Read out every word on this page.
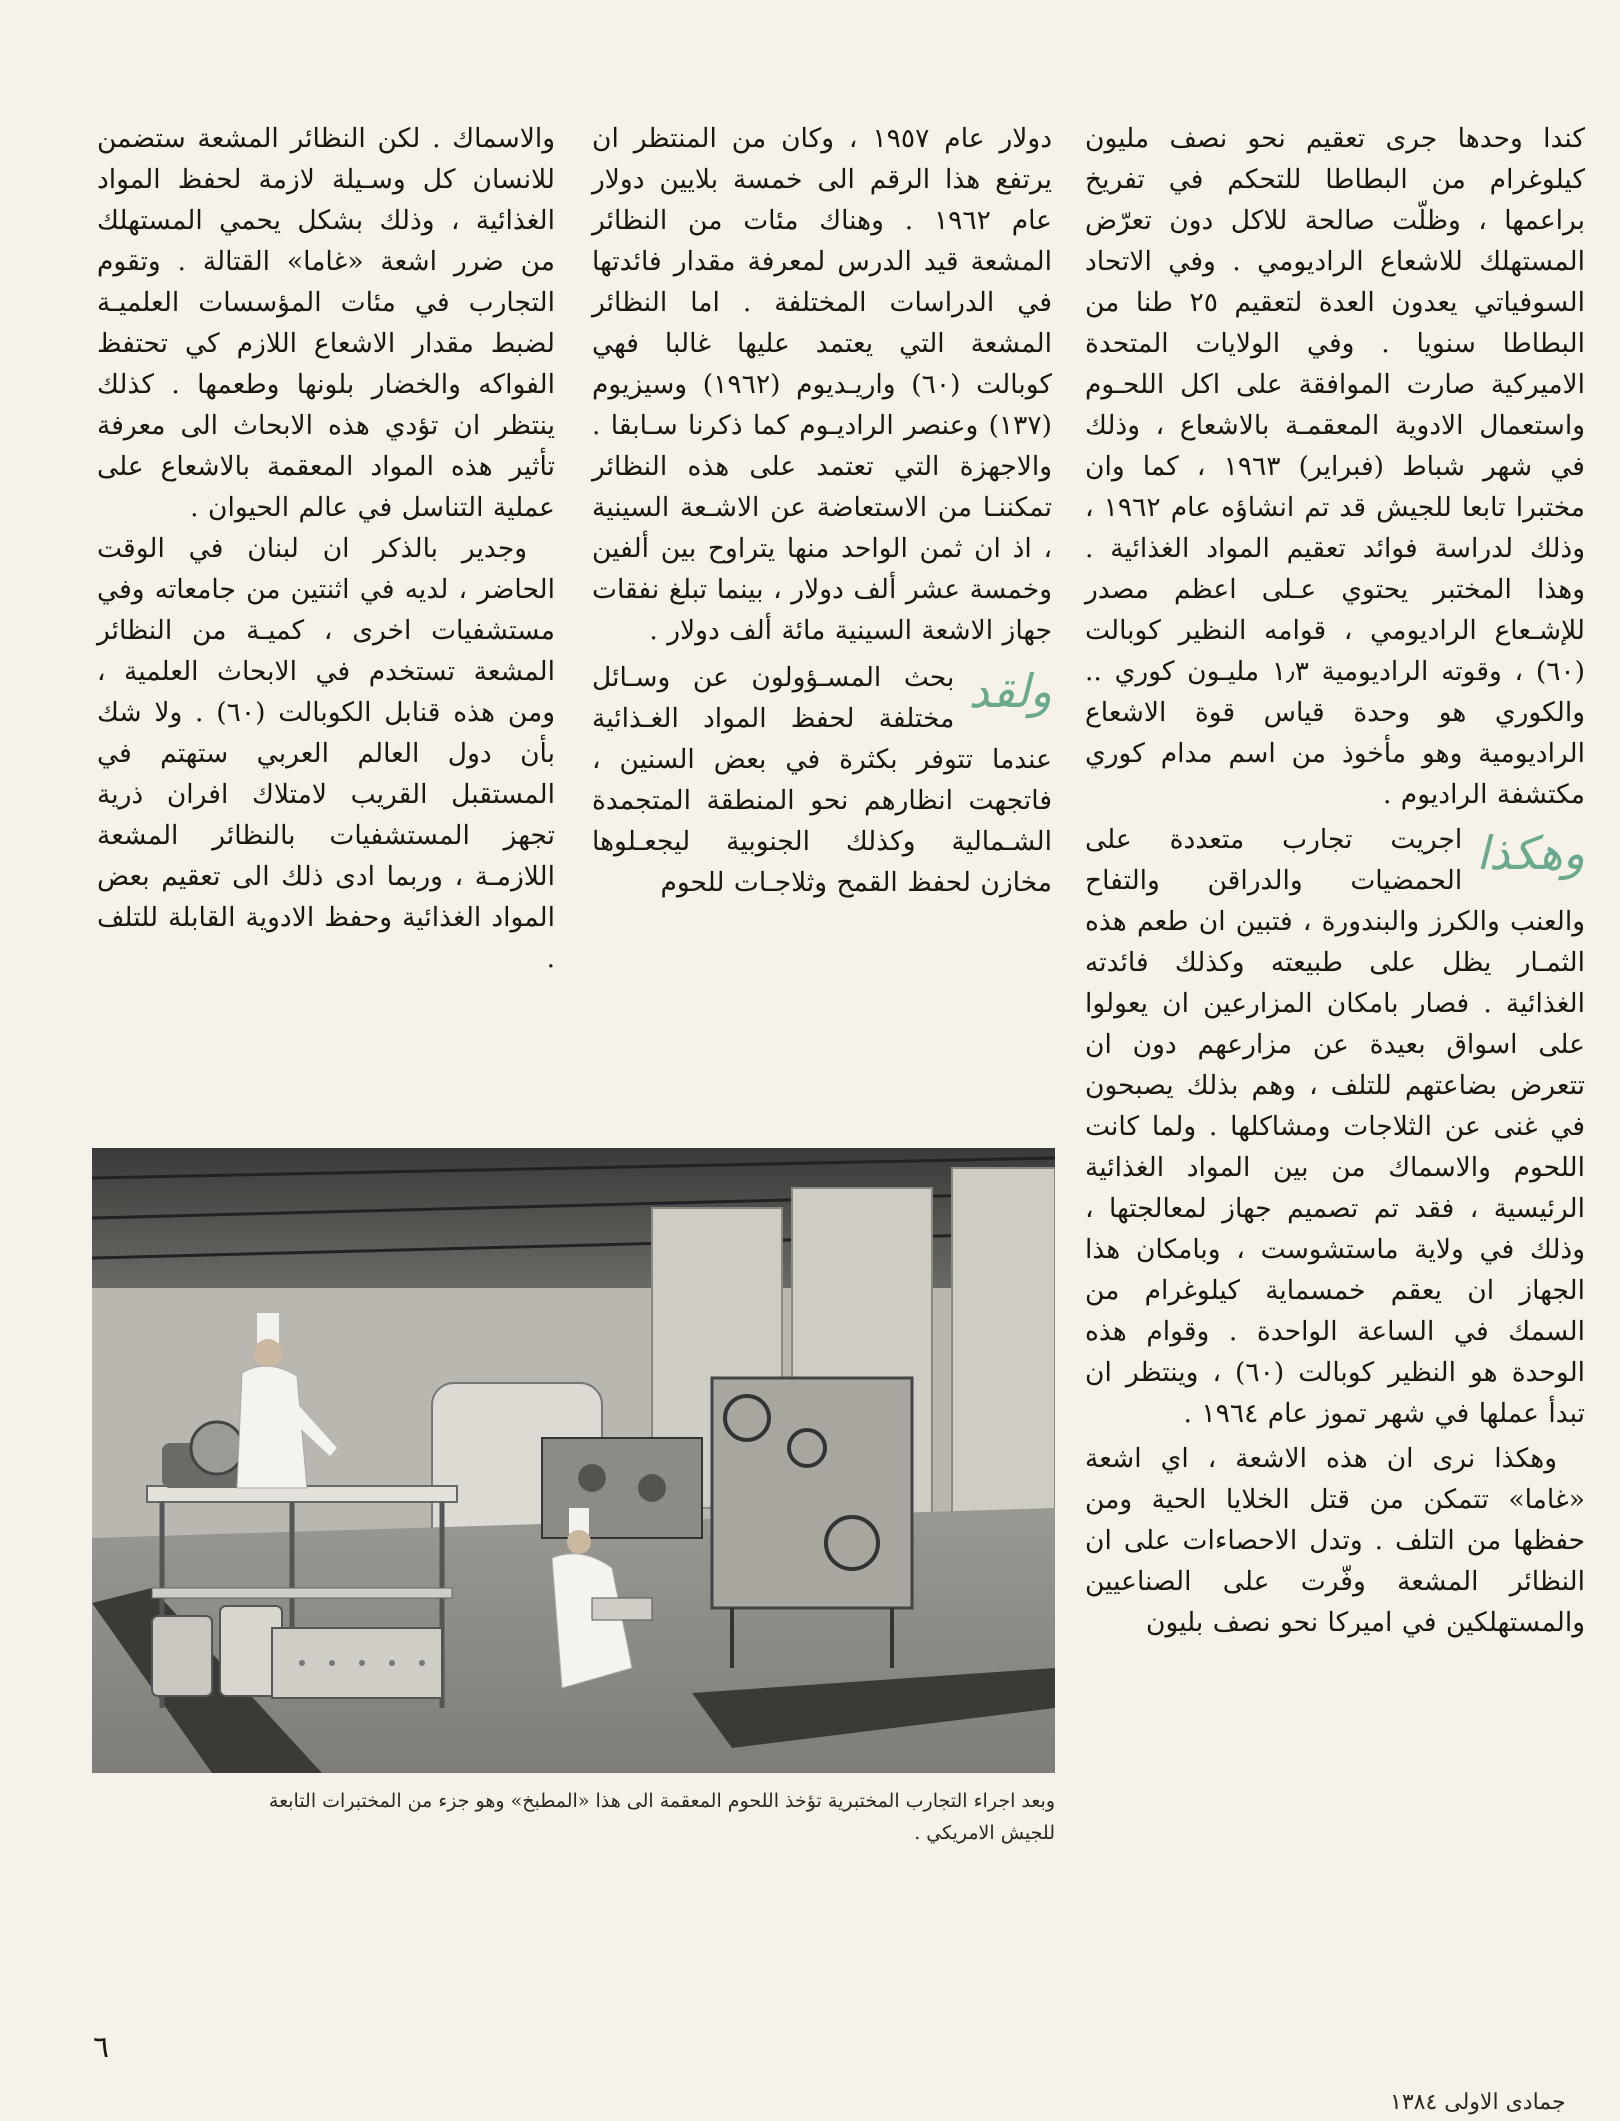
كندا وحدها جرى تعقيم نحو نصف مليون كيلوغرام من البطاطا للتحكم في تفريخ براعمها ، وظلّت صالحة للاكل دون تعرّض المستهلك للاشعاع الراديومي . وفي الاتحاد السوفياتي يعدون العدة لتعقيم ٢٥ طنا من البطاطا سنويا . وفي الولايات المتحدة الاميركية صارت الموافقة على اكل اللحـوم واستعمال الادوية المعقمـة بالاشعاع ، وذلك في شهر شباط (فبراير) ١٩٦٣ ، كما وان مختبرا تابعا للجيش قد تم انشاؤه عام ١٩٦٢ ، وذلك لدراسة فوائد تعقيم المواد الغذائية . وهذا المختبر يحتوي عـلى اعظم مصدر للإشـعاع الراديومي ، قوامه النظير كوبالت (٦٠) ، وقوته الراديومية ١٫٣ مليـون كوري .. والكوري هو وحدة قياس قوة الاشعاع الراديومية وهو مأخوذ من اسم مدام كوري مكتشفة الراديوم .

وهكذا
اجريت تجارب متعددة على الحمضيات والدراقن والتفاح والعنب والكرز والبندورة ، فتبين ان طعم هذه الثمـار يظل على طبيعته وكذلك فائدته الغذائية . فصار بامكان المزارعين ان يعولوا على اسواق بعيدة عن مزارعهم دون ان تتعرض بضاعتهم للتلف ، وهم بذلك يصبحون في غنى عن الثلاجات ومشاكلها . ولما كانت اللحوم والاسماك من بين المواد الغذائية الرئيسية ، فقد تم تصميم جهاز لمعالجتها ، وذلك في ولاية ماستشوست ، وبامكان هذا الجهاز ان يعقم خمسماية كيلوغرام من السمك في الساعة الواحدة . وقوام هذه الوحدة هو النظير كوبالت (٦٠) ، وينتظر ان تبدأ عملها في شهر تموز عام ١٩٦٤ .

وهكذا نرى ان هذه الاشعة ، اي اشعة «غاما» تتمكن من قتل الخلايا الحية ومن حفظها من التلف . وتدل الاحصاءات على ان النظائر المشعة وفّرت على الصناعيين والمستهلكين في اميركا نحو نصف بليون

دولار عام ١٩٥٧ ، وكان من المنتظر ان يرتفع هذا الرقم الى خمسة بلايين دولار عام ١٩٦٢ . وهناك مئات من النظائر المشعة قيد الدرس لمعرفة مقدار فائدتها في الدراسات المختلفة . اما النظائر المشعة التي يعتمد عليها غالبا فهي كوبالت (٦٠) واريـديوم (١٩٦٢) وسيزيوم (١٣٧) وعنصر الراديـوم كما ذكرنا سـابقا . والاجهزة التي تعتمد على هذه النظائر تمكننـا من الاستعاضة عن الاشـعة السينية ، اذ ان ثمن الواحد منها يتراوح بين ألفين وخمسة عشر ألف دولار ، بينما تبلغ نفقات جهاز الاشعة السينية مائة ألف دولار .

ولقد
بحث المسـؤولون عن وسـائل مختلفة لحفظ المواد الغـذائية عندما تتوفر بكثرة في بعض السنين ، فاتجهت انظارهم نحو المنطقة المتجمدة الشـمالية وكذلك الجنوبية ليجعـلوها مخازن لحفظ القمح وثلاجـات للحوم

والاسماك . لكن النظائر المشعة ستضمن للانسان كل وسـيلة لازمة لحفظ المواد الغذائية ، وذلك بشكل يحمي المستهلك من ضرر اشعة «غاما» القتالة . وتقوم التجارب في مئات المؤسسات العلميـة لضبط مقدار الاشعاع اللازم كي تحتفظ الفواكه والخضار بلونها وطعمها . كذلك ينتظر ان تؤدي هذه الابحاث الى معرفة تأثير هذه المواد المعقمة بالاشعاع على عملية التناسل في عالم الحيوان .

وجدير بالذكر ان لبنان في الوقت الحاضر ، لديه في اثنتين من جامعاته وفي مستشفيات اخرى ، كميـة من النظائر المشعة تستخدم في الابحاث العلمية ، ومن هذه قنابل الكوبالت (٦٠) . ولا شك بأن دول العالم العربي ستهتم في المستقبل القريب لامتلاك افران ذرية تجهز المستشفيات بالنظائر المشعة اللازمـة ، وربما ادى ذلك الى تعقيم بعض المواد الغذائية وحفظ الادوية القابلة للتلف .

وبعد اجراء التجارب المختبرية تؤخذ اللحوم المعقمة الى هذا «المطبخ» وهو جزء من المختبرات التابعة
للجيش الامريكي .
٦
جمادى الاولى ١٣٨٤
